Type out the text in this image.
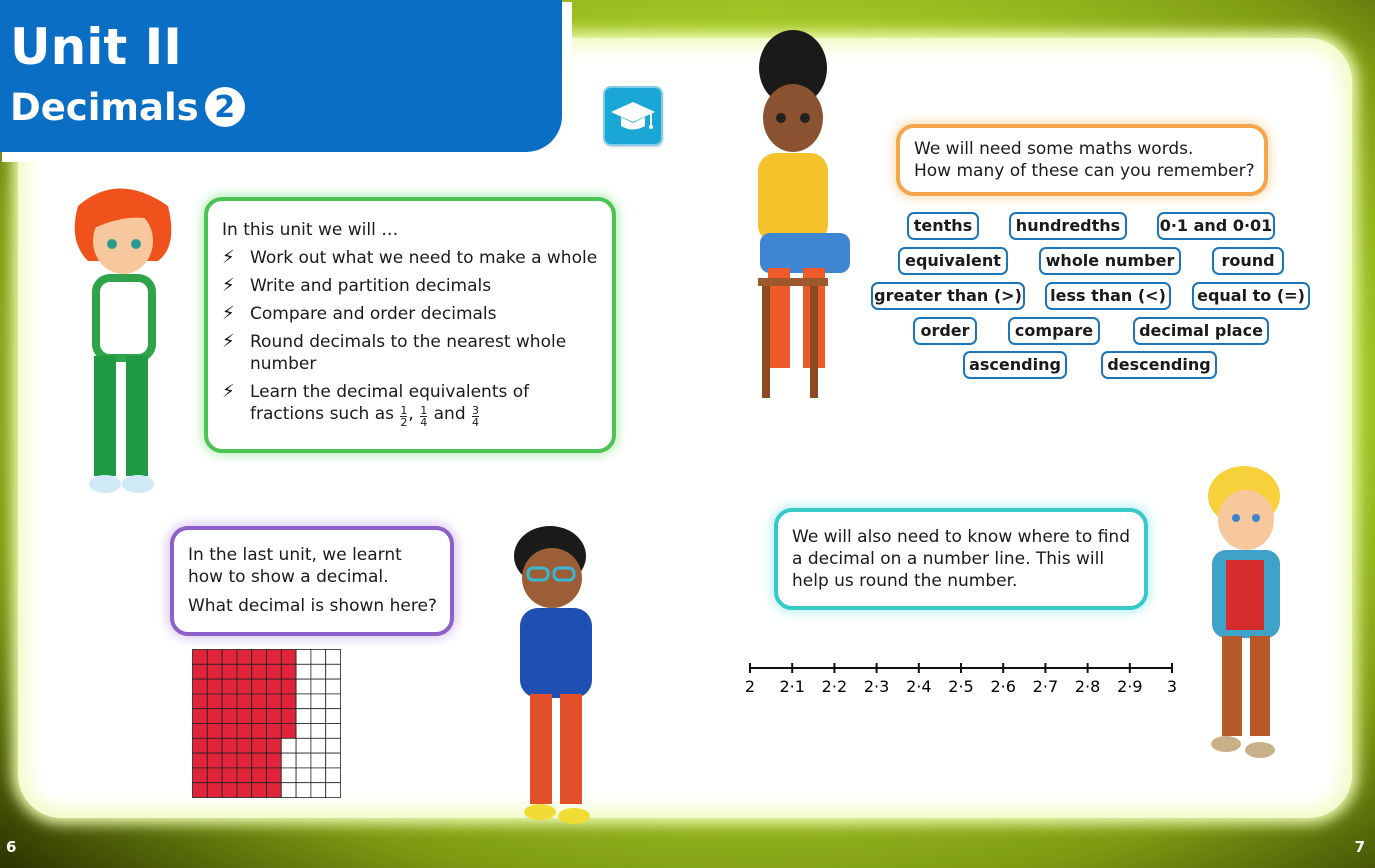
Unit II
Decimals 2
In this unit we will …
⚡ Work out what we need to make a whole
⚡ Write and partition decimals
⚡ Compare and order decimals
⚡ Round decimals to the nearest whole number
⚡ Learn the decimal equivalents of fractions such as $\frac{1}{2}$ , $\frac{1}{4}$ and $\frac{3}{4}$
We will need some maths words.
How many of these can you remember?
tenths	hundredths	0·1 and 0·01
equivalent	whole number	round
greater than (>)	less than (<)	equal to (=)
order	compare	decimal place
ascending	descending
In the last unit, we learnt
how to show a decimal.
What decimal is shown here?
We will also need to know where to find
a decimal on a number line. This will
help us round the number.
2 2·1 2·2 2·3 2·4 2·5 2·6 2·7 2·8 2·9 3
6	7
